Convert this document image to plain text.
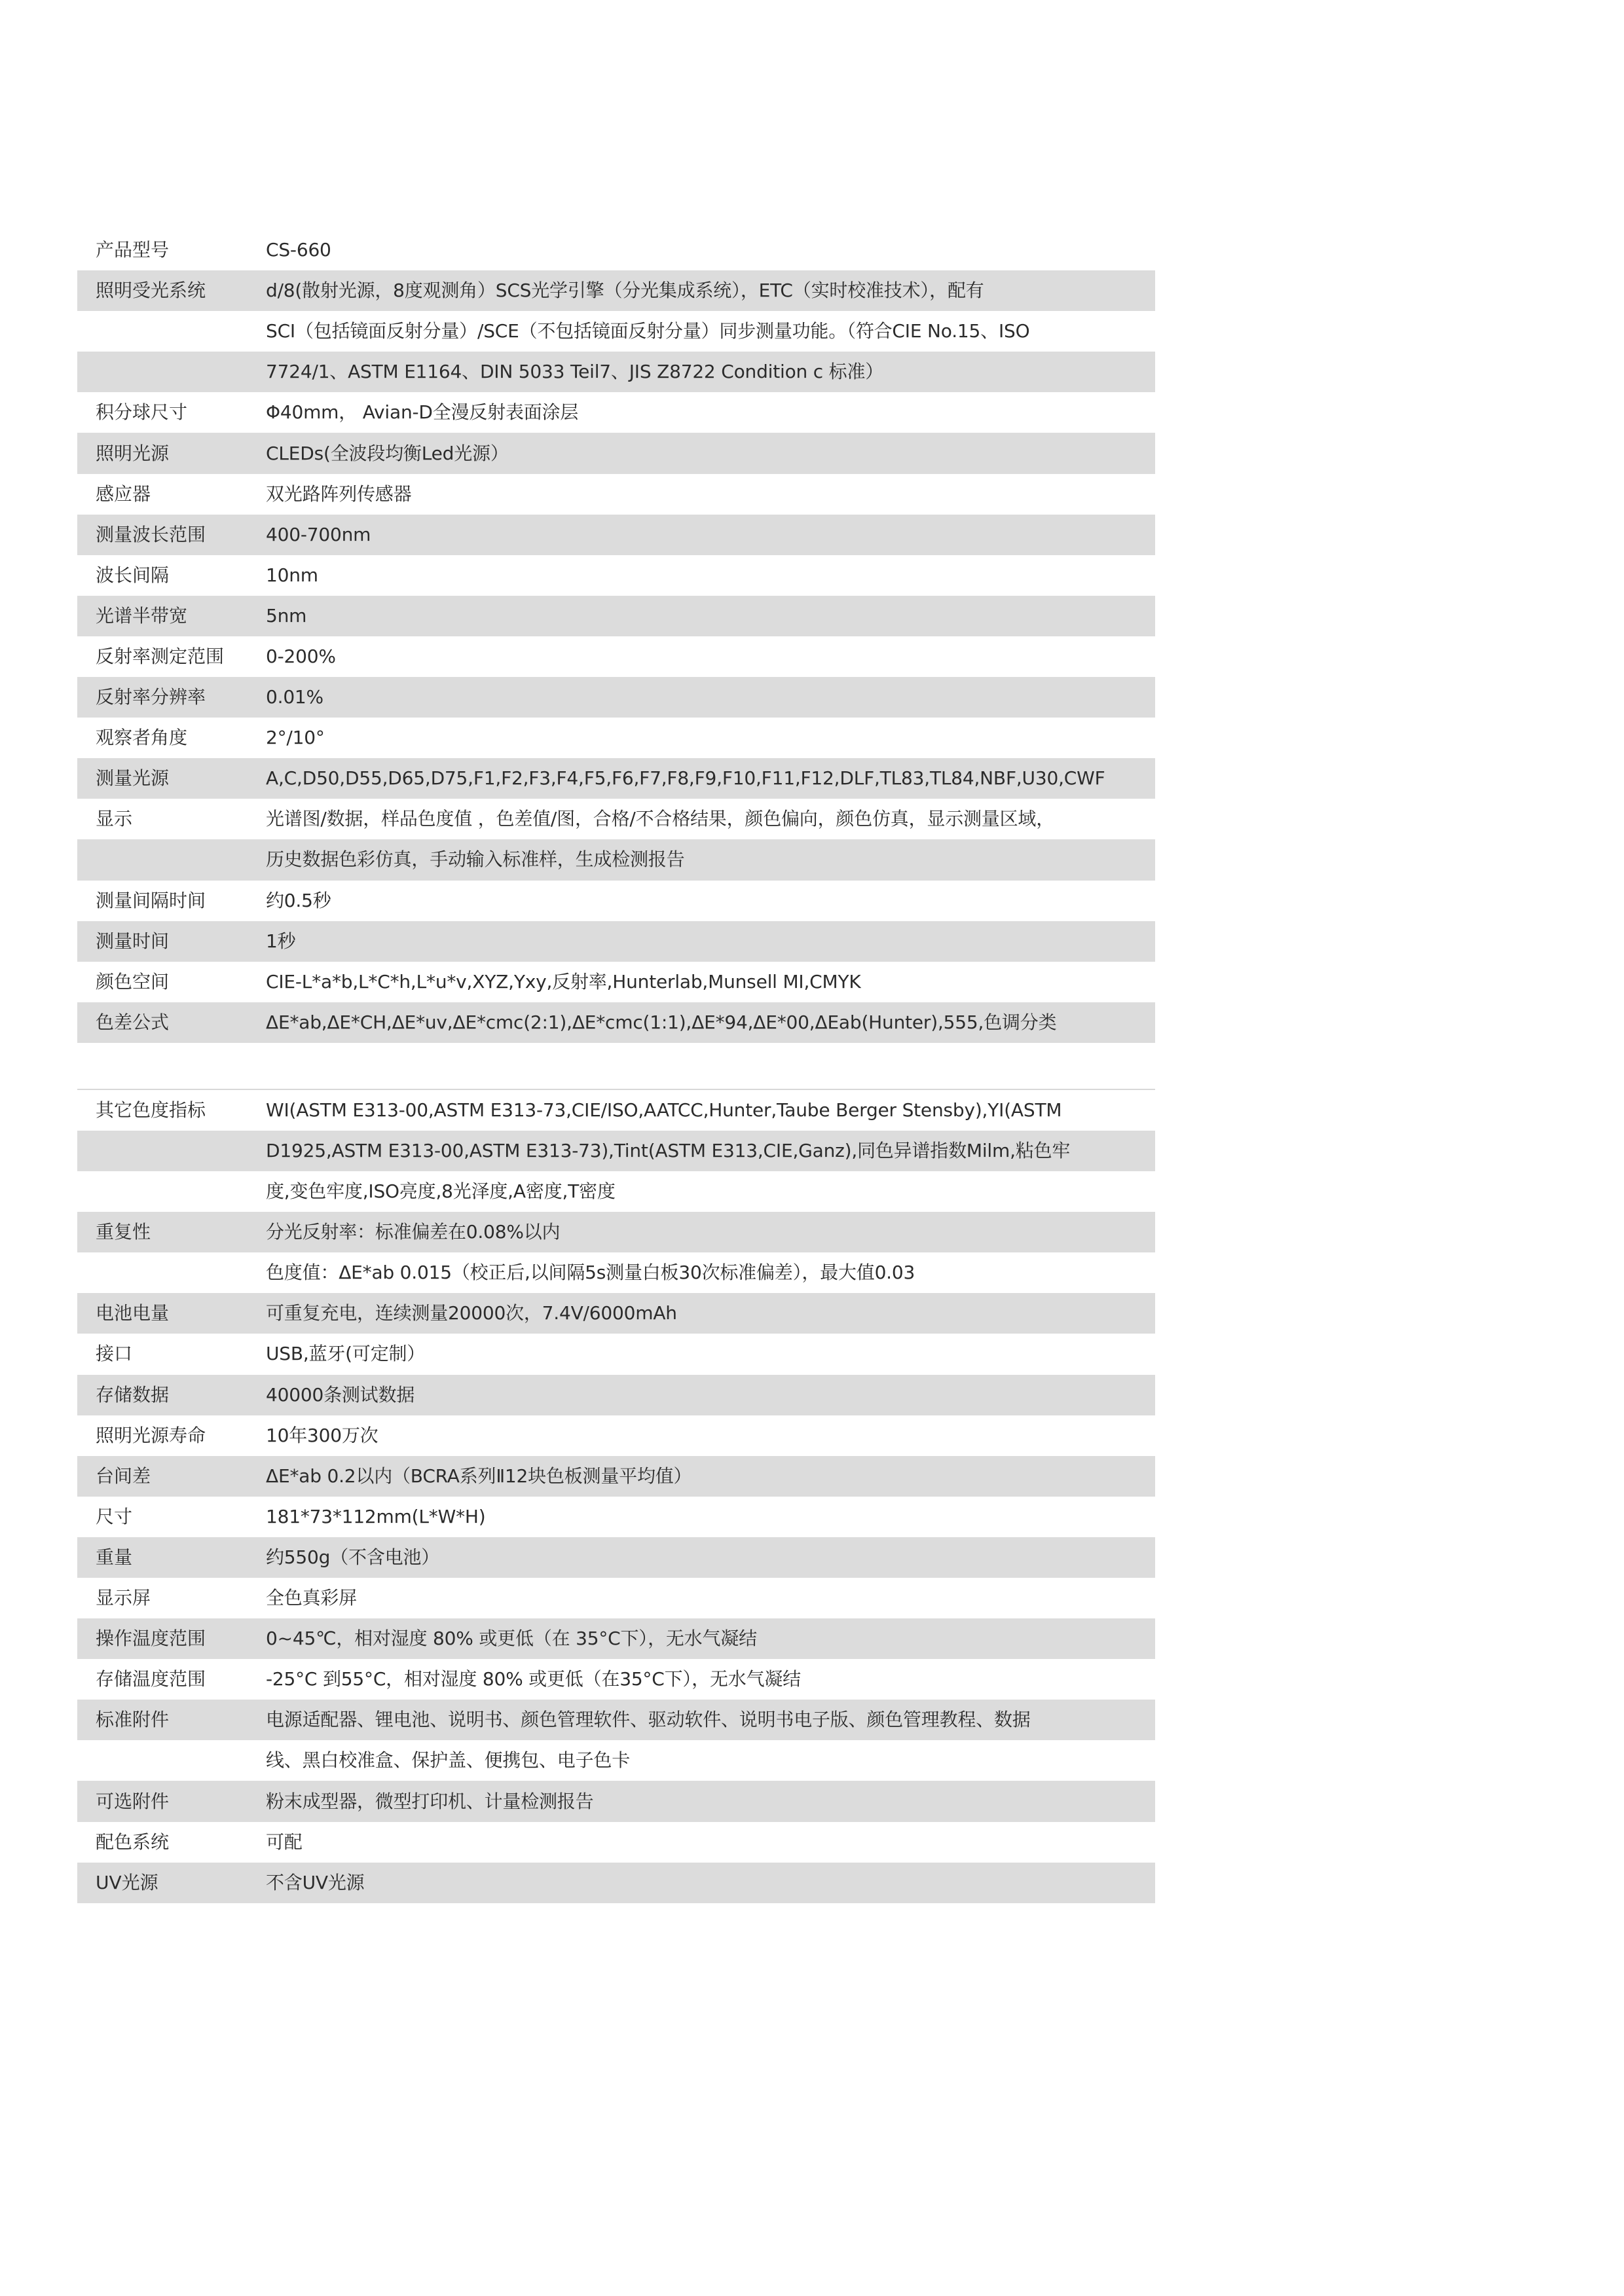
产品型号	CS-660
照明受光系统	d/8(散射光源，8度观测角）SCS光学引擎（分光集成系统），ETC（实时校准技术），配有
SCI（包括镜面反射分量）/SCE（不包括镜面反射分量）同步测量功能。（符合CIE No.15、ISO
7724/1、ASTM E1164、DIN 5033 Teil7、JIS Z8722 Condition c 标准）
积分球尺寸	Φ40mm， Avian-D全漫反射表面涂层
照明光源	CLEDs(全波段均衡Led光源）
感应器	双光路阵列传感器
测量波长范围	400-700nm
波长间隔	10nm
光谱半带宽	5nm
反射率测定范围	0-200%
反射率分辨率	0.01%
观察者角度	2°/10°
测量光源	A,C,D50,D55,D65,D75,F1,F2,F3,F4,F5,F6,F7,F8,F9,F10,F11,F12,DLF,TL83,TL84,NBF,U30,CWF
显示	光谱图/数据，样品色度值 ，色差值/图，合格/不合格结果，颜色偏向，颜色仿真，显示测量区域，
历史数据色彩仿真，手动输入标准样，生成检测报告
测量间隔时间	约0.5秒
测量时间	1秒
颜色空间	CIE-L*a*b,L*C*h,L*u*v,XYZ,Yxy,反射率,Hunterlab,Munsell MI,CMYK
色差公式	ΔE*ab,ΔE*CH,ΔE*uv,ΔE*cmc(2:1),ΔE*cmc(1:1),ΔE*94,ΔE*00,ΔEab(Hunter),555,色调分类
其它色度指标	WI(ASTM E313-00,ASTM E313-73,CIE/ISO,AATCC,Hunter,Taube Berger Stensby),YI(ASTM
D1925,ASTM E313-00,ASTM E313-73),Tint(ASTM E313,CIE,Ganz),同色异谱指数Milm,粘色牢
度,变色牢度,ISO亮度,8光泽度,A密度,T密度
重复性	分光反射率：标准偏差在0.08%以内
色度值：ΔE*ab 0.015（校正后,以间隔5s测量白板30次标准偏差），最大值0.03
电池电量	可重复充电，连续测量20000次，7.4V/6000mAh
接口	USB,蓝牙(可定制）
存储数据	40000条测试数据
照明光源寿命	10年300万次
台间差	ΔE*ab 0.2以内（BCRA系列Ⅱ12块色板测量平均值）
尺寸	181*73*112mm(L*W*H)
重量	约550g（不含电池）
显示屏	全色真彩屏
操作温度范围	0~45℃，相对湿度 80% 或更低（在 35°C下），无水气凝结
存储温度范围	-25°C 到55°C，相对湿度 80% 或更低（在35°C下），无水气凝结
标准附件	电源适配器、锂电池、说明书、颜色管理软件、驱动软件、说明书电子版、颜色管理教程、数据
线、黑白校准盒、保护盖、便携包、电子色卡
可选附件	粉末成型器，微型打印机、计量检测报告
配色系统	可配
UV光源	不含UV光源
